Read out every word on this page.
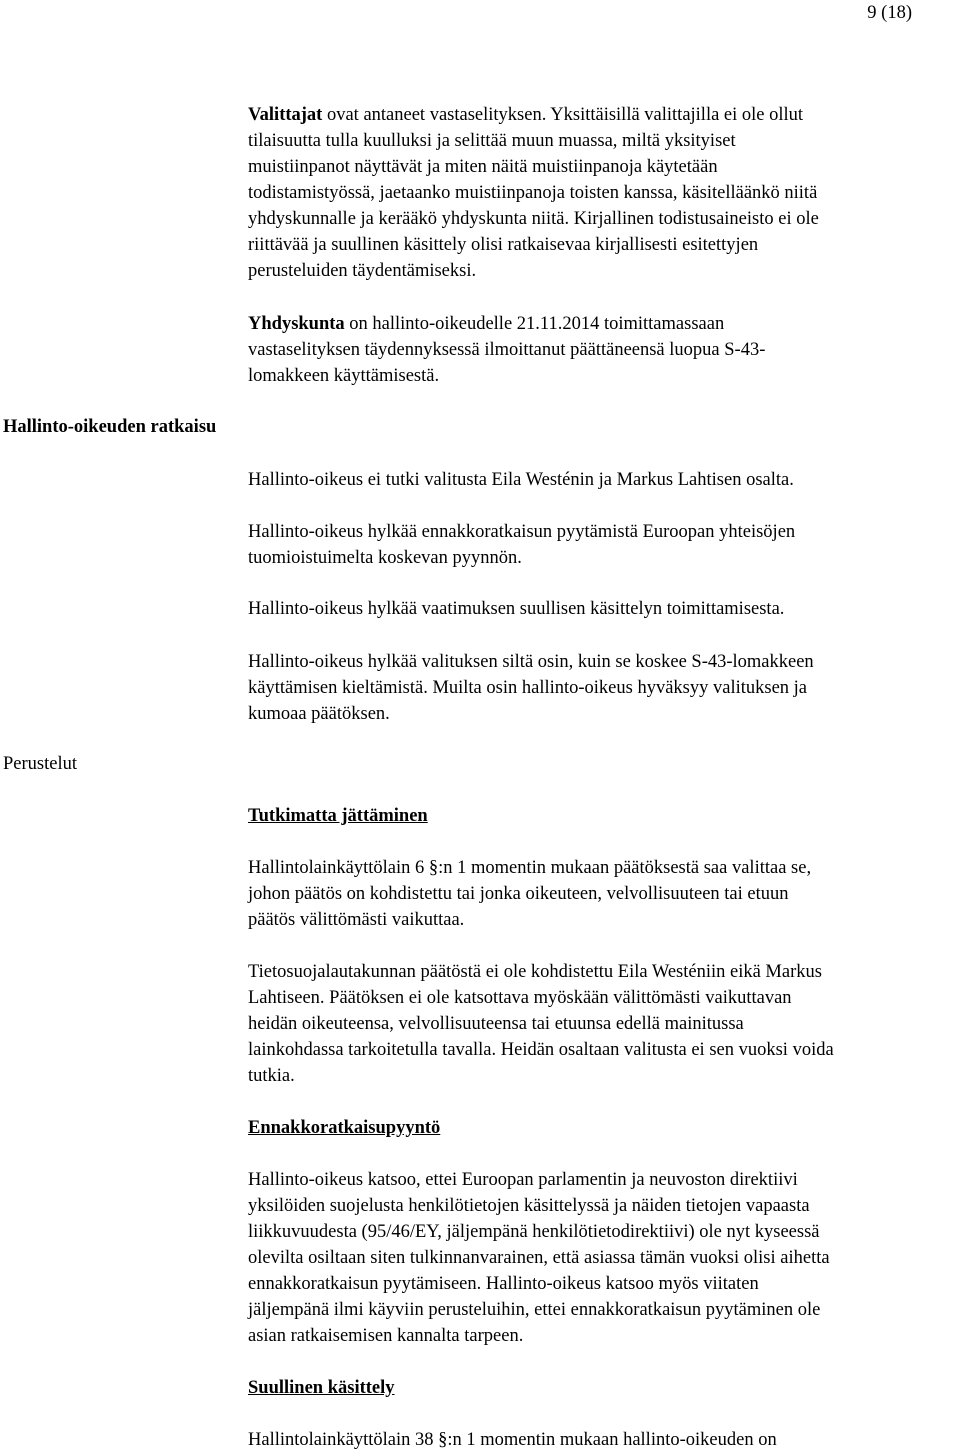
9 (18)
Hallinto-oikeuden ratkaisu
Perustelut
Valittajat ovat antaneet vastaselityksen. Yksittäisillä valittajilla ei ole ollut
tilaisuutta tulla kuulluksi ja selittää muun muassa, miltä yksityiset
muistiinpanot näyttävät ja miten näitä muistiinpanoja käytetään
todistamistyössä, jaetaanko muistiinpanoja toisten kanssa, käsitelläänkö niitä
yhdyskunnalle ja kerääkö yhdyskunta niitä. Kirjallinen todistusaineisto ei ole
riittävää ja suullinen käsittely olisi ratkaisevaa kirjallisesti esitettyjen
perusteluiden täydentämiseksi.
Yhdyskunta on hallinto-oikeudelle 21.11.2014 toimittamassaan
vastaselityksen täydennyksessä ilmoittanut päättäneensä luopua S-43-
lomakkeen käyttämisestä.
Hallinto-oikeus ei tutki valitusta Eila Westénin ja Markus Lahtisen osalta.
Hallinto-oikeus hylkää ennakkoratkaisun pyytämistä Euroopan yhteisöjen
tuomioistuimelta koskevan pyynnön.
Hallinto-oikeus hylkää vaatimuksen suullisen käsittelyn toimittamisesta.
Hallinto-oikeus hylkää valituksen siltä osin, kuin se koskee S-43-lomakkeen
käyttämisen kieltämistä. Muilta osin hallinto-oikeus hyväksyy valituksen ja
kumoaa päätöksen.
Tutkimatta jättäminen
Hallintolainkäyttölain 6 §:n 1 momentin mukaan päätöksestä saa valittaa se,
johon päätös on kohdistettu tai jonka oikeuteen, velvollisuuteen tai etuun
päätös välittömästi vaikuttaa.
Tietosuojalautakunnan päätöstä ei ole kohdistettu Eila Westéniin eikä Markus
Lahtiseen. Päätöksen ei ole katsottava myöskään välittömästi vaikuttavan
heidän oikeuteensa, velvollisuuteensa tai etuunsa edellä mainitussa
lainkohdassa tarkoitetulla tavalla. Heidän osaltaan valitusta ei sen vuoksi voida
tutkia.
Ennakkoratkaisupyyntö
Hallinto-oikeus katsoo, ettei Euroopan parlamentin ja neuvoston direktiivi
yksilöiden suojelusta henkilötietojen käsittelyssä ja näiden tietojen vapaasta
liikkuvuudesta (95/46/EY, jäljempänä henkilötietodirektiivi) ole nyt kyseessä
olevilta osiltaan siten tulkinnanvarainen, että asiassa tämän vuoksi olisi aihetta
ennakkoratkaisun pyytämiseen. Hallinto-oikeus katsoo myös viitaten
jäljempänä ilmi käyviin perusteluihin, ettei ennakkoratkaisun pyytäminen ole
asian ratkaisemisen kannalta tarpeen.
Suullinen käsittely
Hallintolainkäyttölain 38 §:n 1 momentin mukaan hallinto-oikeuden on
